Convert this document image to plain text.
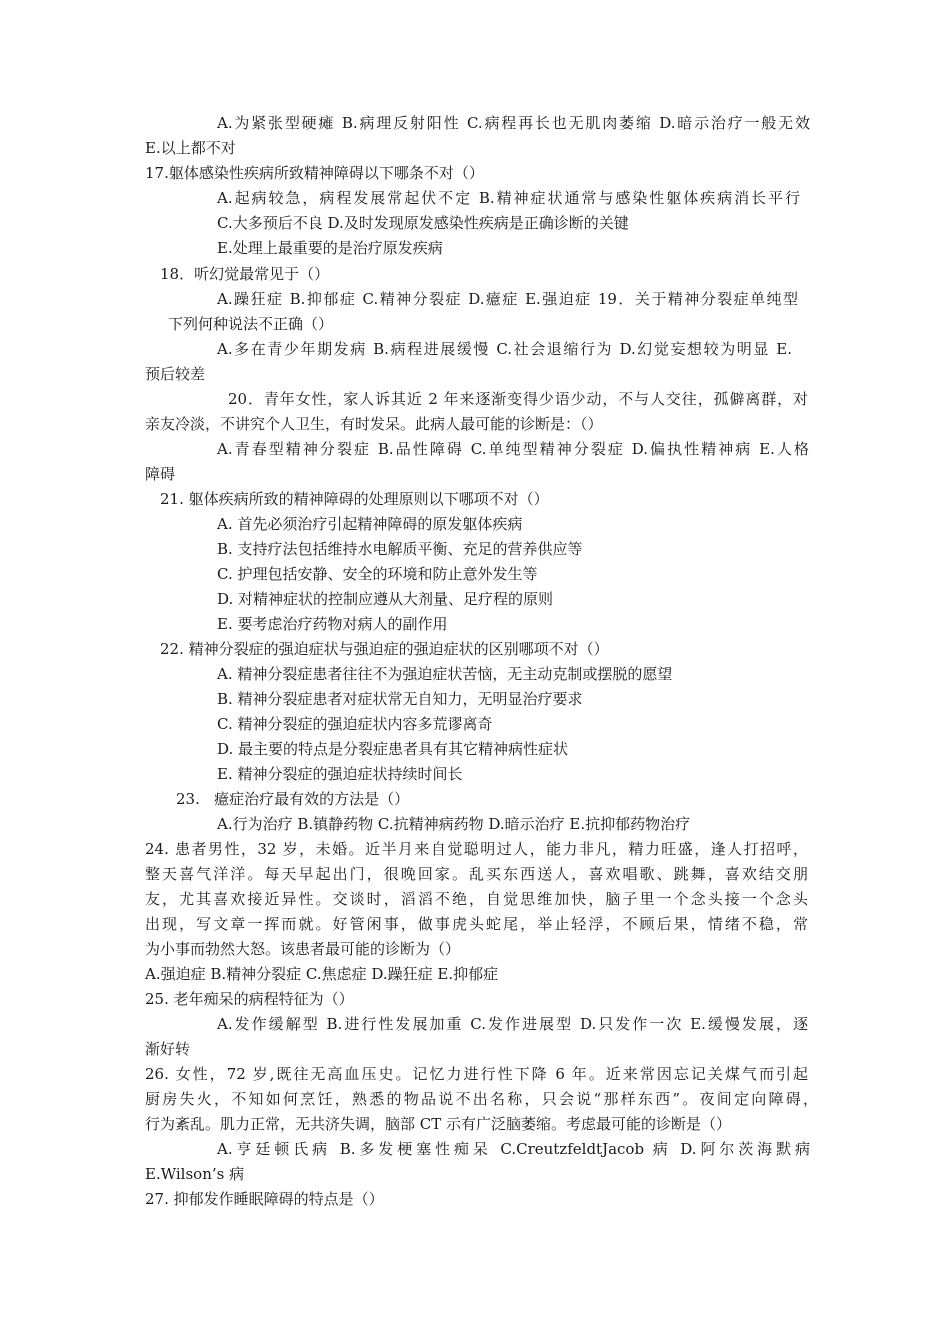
A.为紧张型硬瘫 B.病理反射阳性 C.病程再长也无肌肉萎缩 D.暗示治疗一般无效
E.以上都不对
17.躯体感染性疾病所致精神障碍以下哪条不对（）
A.起病较急，病程发展常起伏不定 B.精神症状通常与感染性躯体疾病消长平行
C.大多预后不良 D.及时发现原发感染性疾病是正确诊断的关键
E.处理上最重要的是治疗原发疾病
18．听幻觉最常见于（）
A.躁狂症 B.抑郁症 C.精神分裂症 D.癔症 E.强迫症 19．关于精神分裂症单纯型
下列何种说法不正确（）
A.多在青少年期发病 B.病程进展缓慢 C.社会退缩行为 D.幻觉妄想较为明显 E.
预后较差
20．青年女性，家人诉其近 2 年来逐渐变得少语少动，不与人交往，孤僻离群，对
亲友冷淡，不讲究个人卫生，有时发呆。此病人最可能的诊断是：（）
A.青春型精神分裂症 B.品性障碍 C.单纯型精神分裂症 D.偏执性精神病 E.人格
障碍
21. 躯体疾病所致的精神障碍的处理原则以下哪项不对（）
A. 首先必须治疗引起精神障碍的原发躯体疾病
B. 支持疗法包括维持水电解质平衡、充足的营养供应等
C. 护理包括安静、安全的环境和防止意外发生等
D. 对精神症状的控制应遵从大剂量、足疗程的原则
E. 要考虑治疗药物对病人的副作用
22. 精神分裂症的强迫症状与强迫症的强迫症状的区别哪项不对（）
A. 精神分裂症患者往往不为强迫症状苦恼，无主动克制或摆脱的愿望
B. 精神分裂症患者对症状常无自知力，无明显治疗要求
C. 精神分裂症的强迫症状内容多荒谬离奇
D. 最主要的特点是分裂症患者具有其它精神病性症状
E. 精神分裂症的强迫症状持续时间长
23.   癔症治疗最有效的方法是（）
A.行为治疗 B.镇静药物 C.抗精神病药物 D.暗示治疗 E.抗抑郁药物治疗
24. 患者男性，32 岁，未婚。近半月来自觉聪明过人，能力非凡，精力旺盛，逢人打招呼，
整天喜气洋洋。每天早起出门，很晚回家。乱买东西送人，喜欢唱歌、跳舞，喜欢结交朋
友，尤其喜欢接近异性。交谈时，滔滔不绝，自觉思维加快，脑子里一个念头接一个念头
出现，写文章一挥而就。好管闲事，做事虎头蛇尾，举止轻浮，不顾后果，情绪不稳，常
为小事而勃然大怒。该患者最可能的诊断为（）
A.强迫症 B.精神分裂症 C.焦虑症 D.躁狂症 E.抑郁症
25. 老年痴呆的病程特征为（）
A.发作缓解型 B.进行性发展加重 C.发作进展型 D.只发作一次 E.缓慢发展，逐
渐好转
26. 女性，72 岁,既往无高血压史。记忆力进行性下降 6 年。近来常因忘记关煤气而引起
厨房失火，不知如何烹饪，熟悉的物品说不出名称，只会说“那样东西”。夜间定向障碍，
行为紊乱。肌力正常，无共济失调，脑部 CT 示有广泛脑萎缩。考虑最可能的诊断是（）
A.亨廷顿氏病 B.多发梗塞性痴呆 C.CreutzfeldtJacob 病 D.阿尔茨海默病
E.Wilson’s 病
27. 抑郁发作睡眠障碍的特点是（）
